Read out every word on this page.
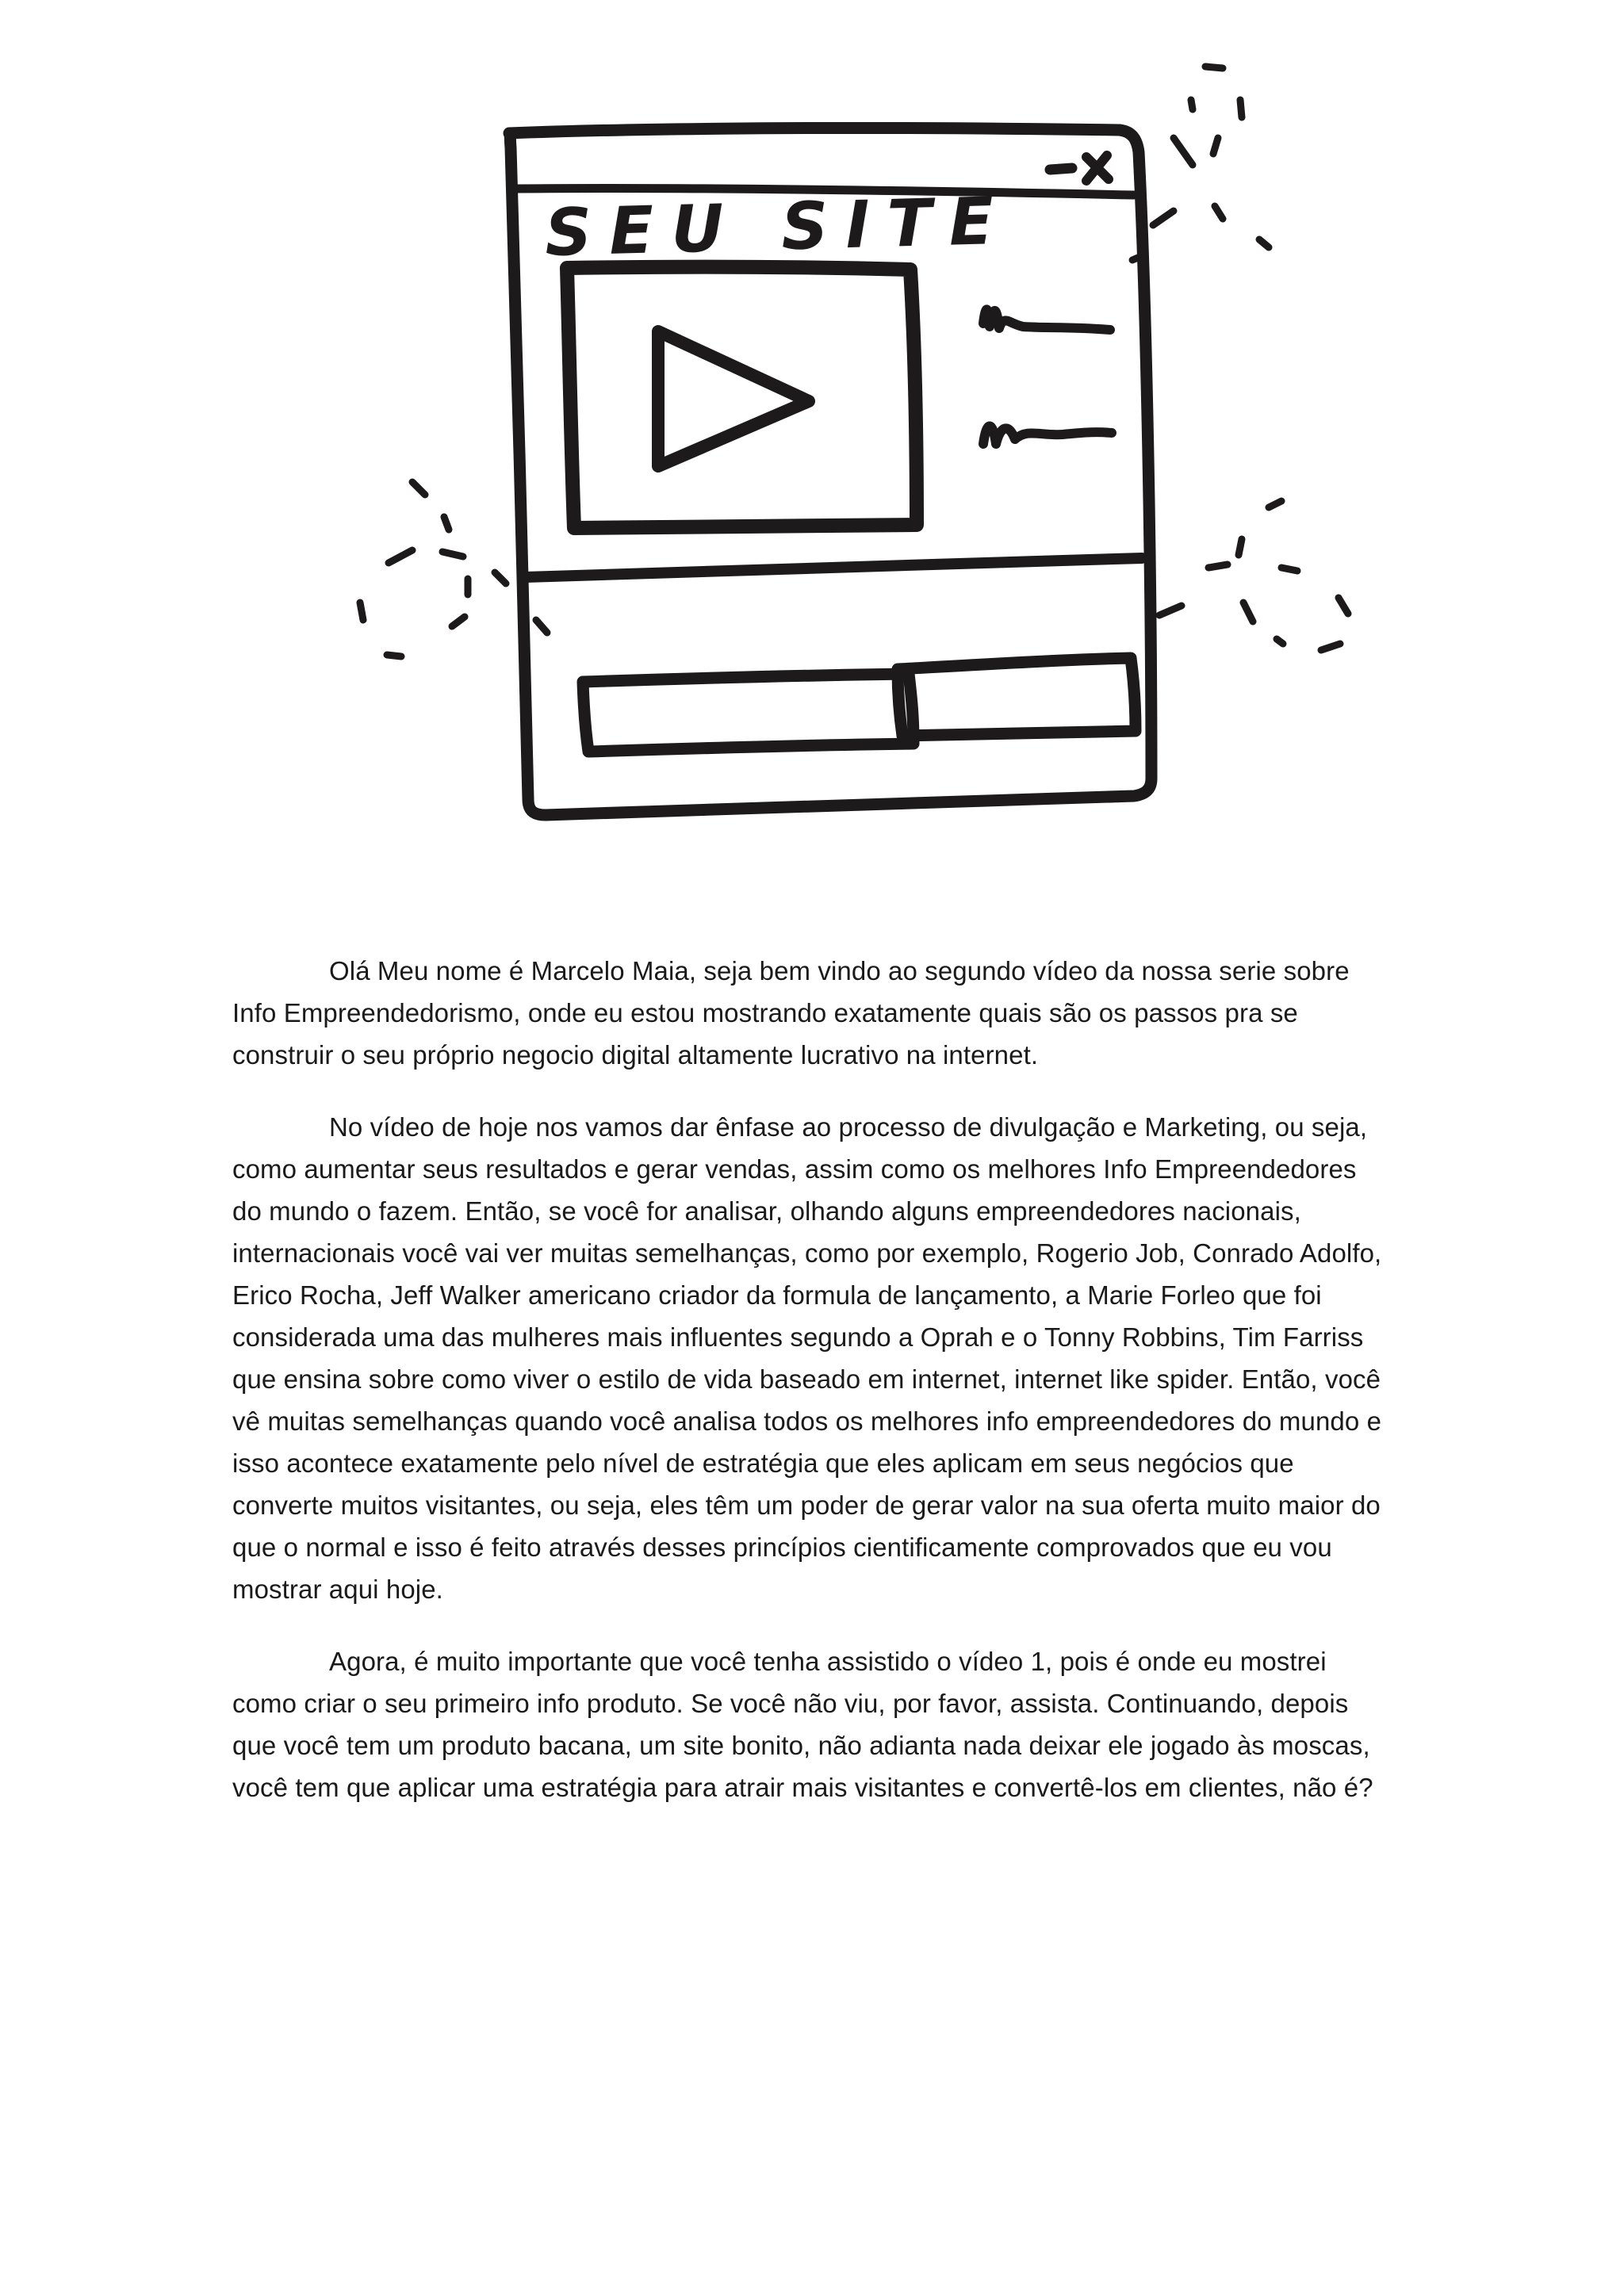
SEU SITE

Olá Meu nome é Marcelo Maia, seja bem vindo ao segundo vídeo da nossa serie sobre Info Empreendedorismo, onde eu estou mostrando exatamente quais são os passos pra se construir o seu próprio negocio digital altamente lucrativo na internet.

No vídeo de hoje nos vamos dar ênfase ao processo de divulgação e Marketing, ou seja, como aumentar seus resultados e gerar vendas, assim como os melhores Info Empreendedores do mundo o fazem. Então, se você for analisar, olhando alguns empreendedores nacionais, internacionais você vai ver muitas semelhanças, como por exemplo, Rogerio Job, Conrado Adolfo, Erico Rocha, Jeff Walker americano criador da formula de lançamento, a Marie Forleo que foi considerada uma das mulheres mais influentes segundo a Oprah e o Tonny Robbins, Tim Farriss que ensina sobre como viver o estilo de vida baseado em internet, internet like spider. Então, você vê muitas semelhanças quando você analisa todos os melhores info empreendedores do mundo e isso acontece exatamente pelo nível de estratégia que eles aplicam em seus negócios que converte muitos visitantes, ou seja, eles têm um poder de gerar valor na sua oferta muito maior do que o normal e isso é feito através desses princípios cientificamente comprovados que eu vou mostrar aqui hoje.

Agora, é muito importante que você tenha assistido o vídeo 1, pois é onde eu mostrei como criar o seu primeiro info produto. Se você não viu, por favor, assista. Continuando, depois que você tem um produto bacana, um site bonito, não adianta nada deixar ele jogado às moscas, você tem que aplicar uma estratégia para atrair mais visitantes e convertê-los em clientes, não é?
